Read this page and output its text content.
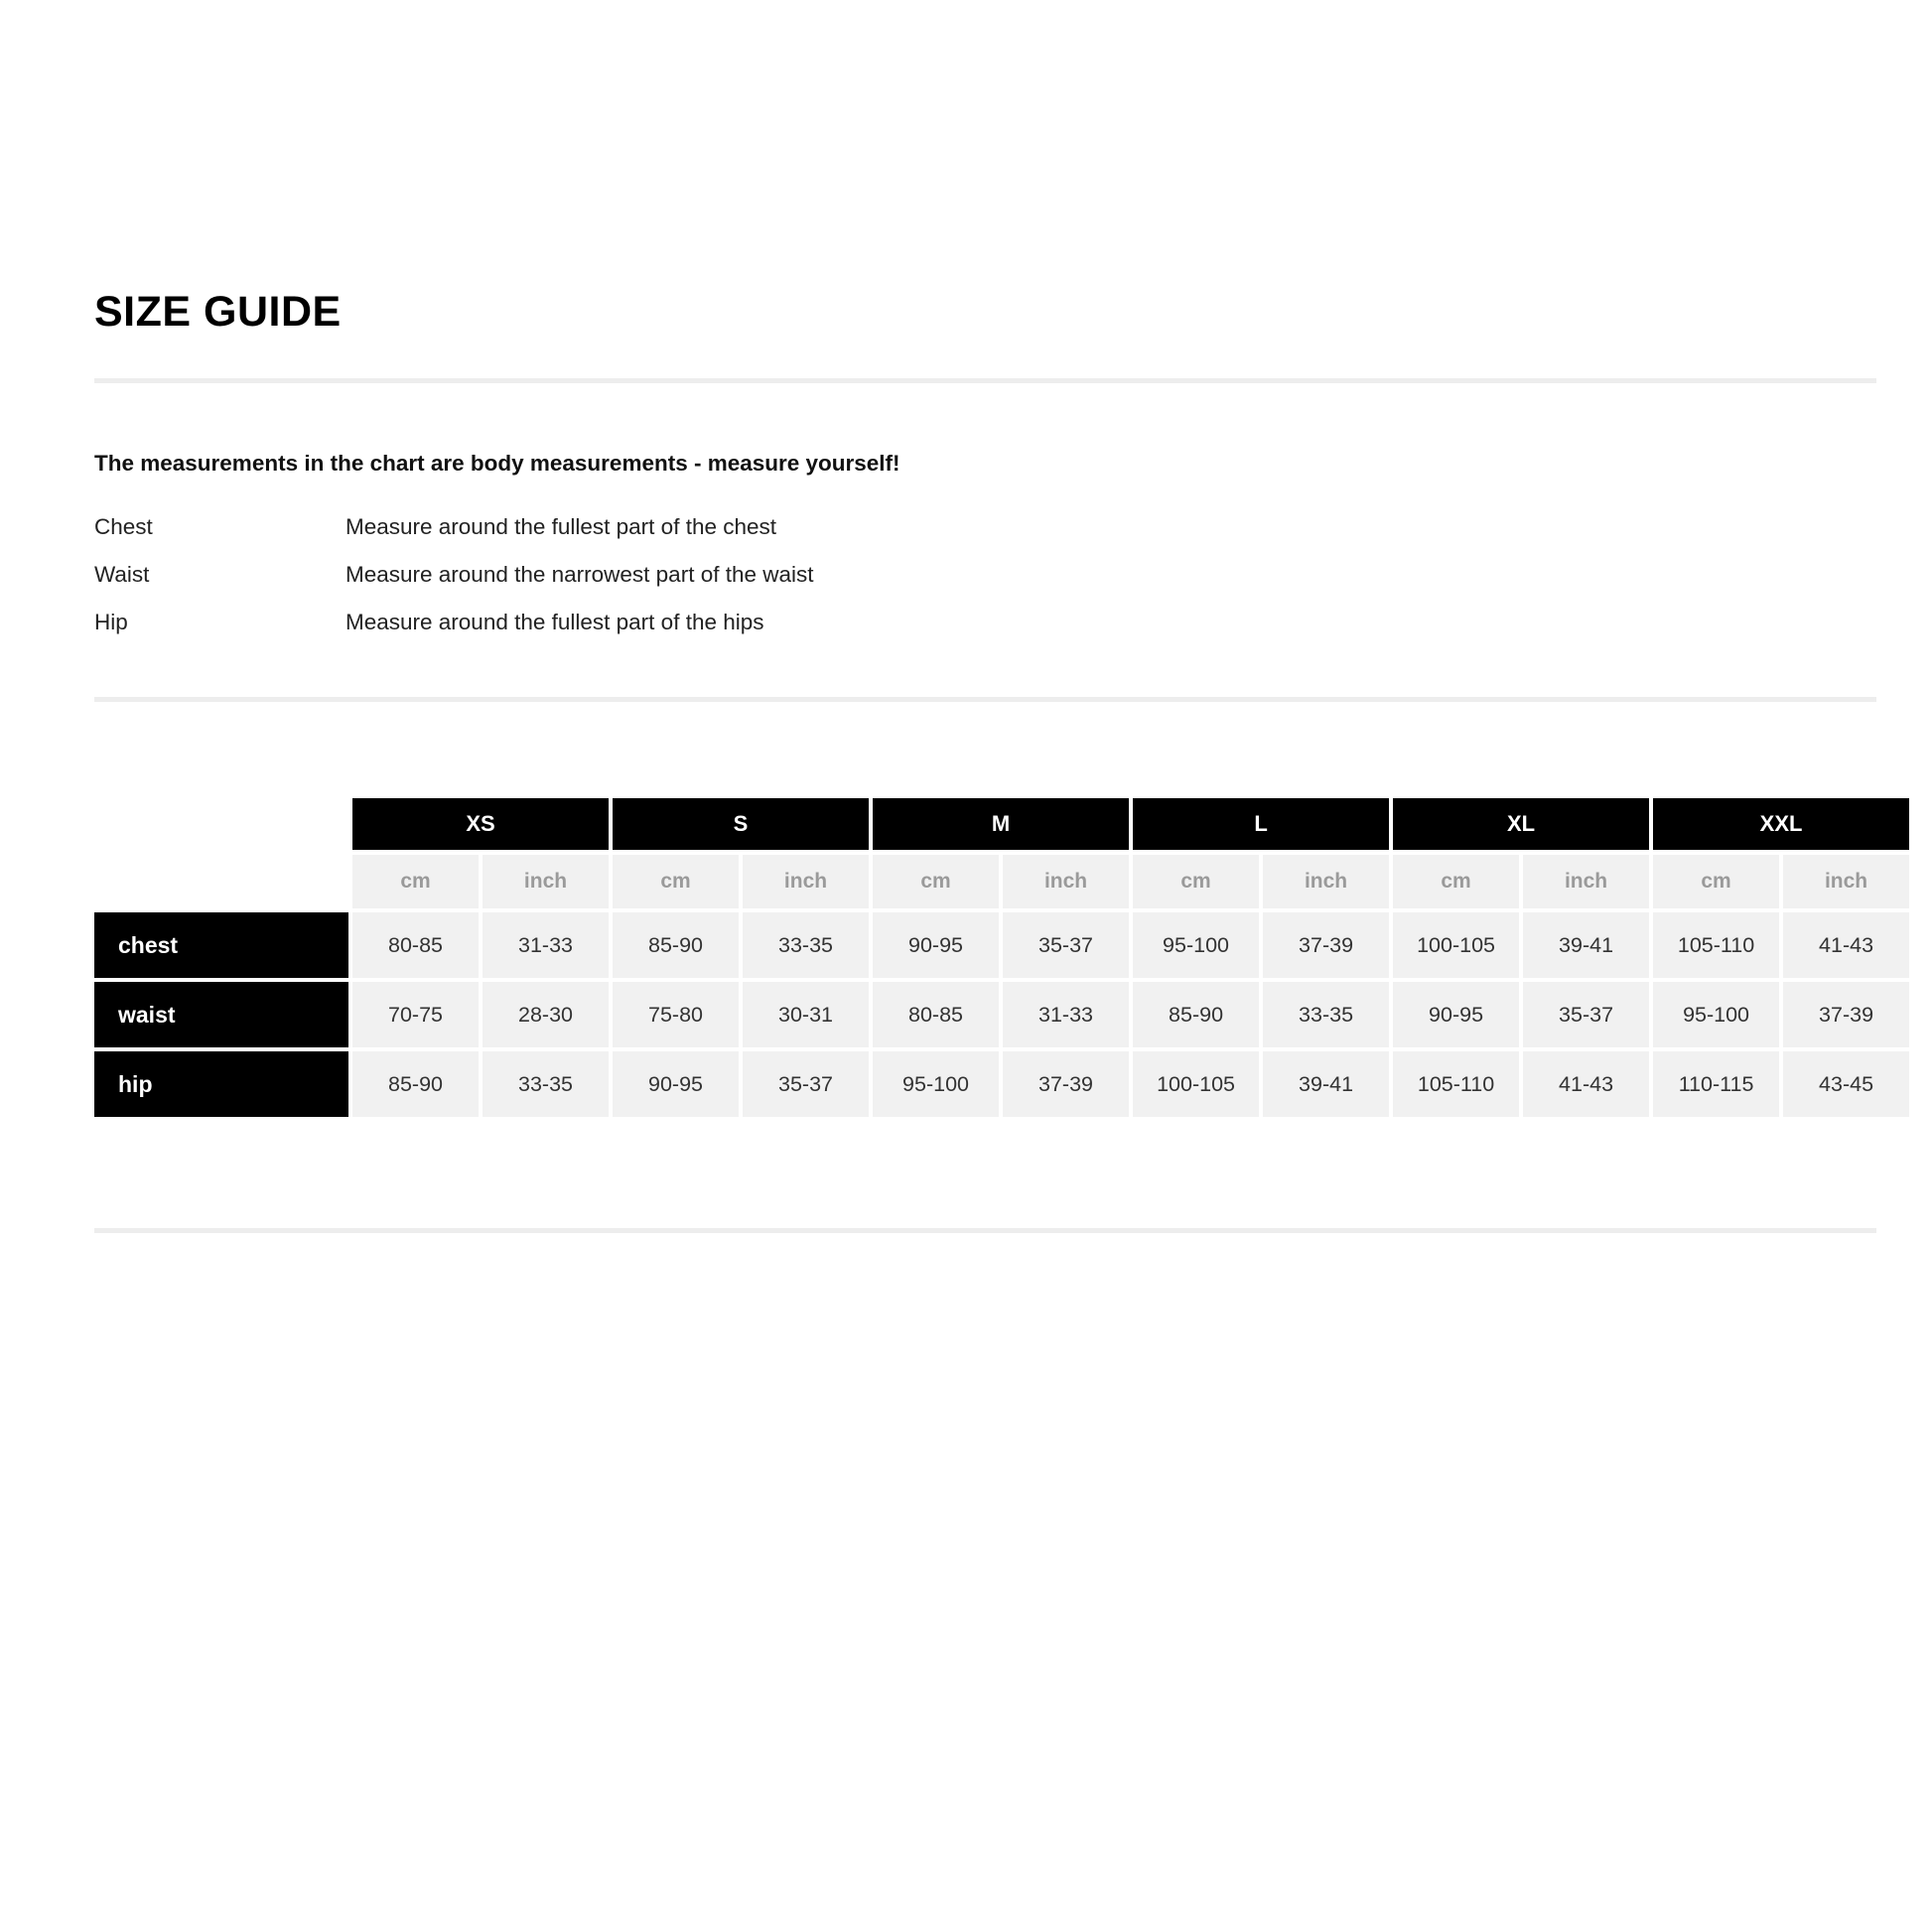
SIZE GUIDE
The measurements in the chart are body measurements - measure yourself!
Chest	Measure around the fullest part of the chest
Waist	Measure around the narrowest part of the waist
Hip	Measure around the fullest part of the hips

XS		S		M		L		XL		XXL	

cm	inch	cm	inch	cm	inch	cm	inch	cm	inch	cm	inch

chest	80-85	31-33	85-90	33-35	90-95	35-37	95-100	37-39	100-105	39-41	105-110	41-43

waist	70-75	28-30	75-80	30-31	80-85	31-33	85-90	33-35	90-95	35-37	95-100	37-39

hip	85-90	33-35	90-95	35-37	95-100	37-39	100-105	39-41	105-110	41-43	110-115	43-45
